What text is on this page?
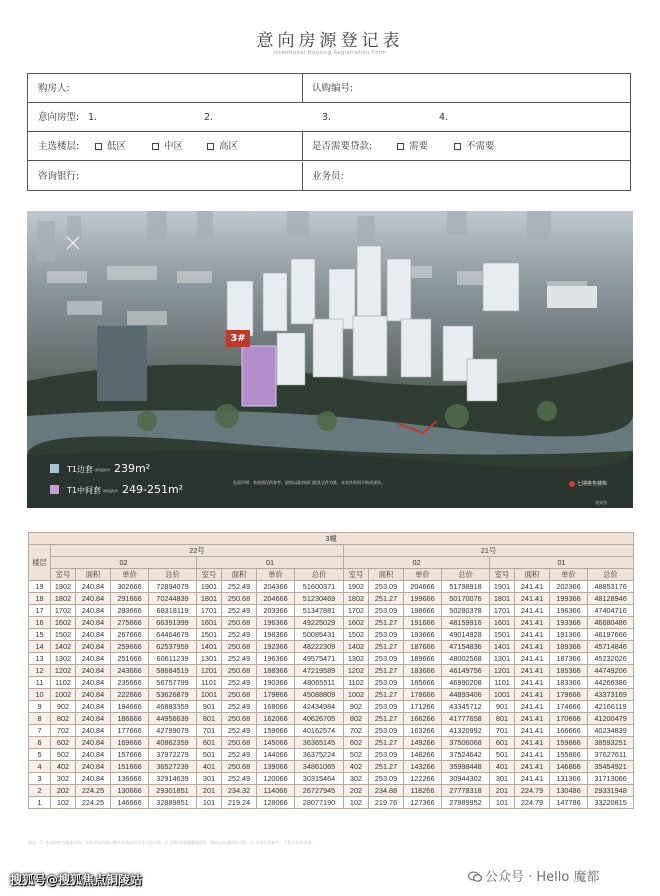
意向房源登记表
Intentional Housing Registration Form
购房人:	认购编号:
意向房型: 1.	2.	3.	4.
主选楼层:	低区	中区	高区	是否需要贷款:	需要	不需要
咨询银行:	业务员:
3#
T1边套 建筑面积约 239m²
T1中间套 建筑面积约 249-251m²
免责声明：效果图仅供参考，最终以政府部门批准文件为准，本宣传资料不构成要约。	七期推售楼栋
效果图
3幢																
楼层	22号								21号							
	02				01				02				01			
	室号	面积	单价	总价	室号	面积	单价	总价	室号	面积	单价	总价	室号	面积	单价	总价
19	1902	240.84	302666	72894079	1901	252.49	204366	51600371	1902	253.09	204666	51798918	1901	241.41	202366	48853176
18	1802	240.84	291666	70244839	1801	250.68	204666	51230469	1802	251.27	199666	50170076	1801	241.41	199366	48128946
17	1702	240.84	283666	68318119	1701	252.49	203366	51347881	1702	253.09	198666	50280378	1701	241.41	196366	47404716
16	1602	240.84	275666	66391399	1601	250.68	196366	49225029	1602	251.27	191666	48159916	1601	241.41	193366	46680486
15	1502	240.84	267666	64464679	1501	252.49	198366	50085431	1502	253.09	193666	49014928	1501	241.41	191366	46197666
14	1402	240.84	259666	62537959	1401	250.68	192366	48222309	1402	251.27	187666	47154836	1401	241.41	189366	45714846
13	1302	240.84	251666	60611239	1301	252.49	196366	49575471	1302	253.09	189666	48002568	1301	241.41	187366	45232026
12	1202	240.84	243666	58684519	1201	250.68	188366	47219589	1202	251.27	183666	46149756	1201	241.41	185366	44749206
11	1102	240.84	235666	56757799	1101	252.49	190366	48065511	1102	253.09	185666	46990208	1101	241.41	183366	44266386
10	1002	240.84	222666	53626879	1001	250.68	179866	45088809	1002	251.27	178666	44893406	1001	241.41	179666	43373169
9	902	240.84	194666	46883359	901	252.49	168066	42434984	902	253.09	171266	43345712	901	241.41	174666	42166119
8	802	240.84	186666	44956639	801	250.68	162066	40626705	802	251.27	166266	41777658	801	241.41	170666	41200479
7	702	240.84	177666	42789079	701	252.49	159066	40162574	702	253.09	163266	41320992	701	241.41	166666	40234839
6	602	240.84	169666	40862359	601	250.68	145066	36365145	602	251.27	149266	37506068	601	241.41	159866	38593251
5	502	240.84	157666	37972279	501	252.49	144066	36375224	502	253.09	148266	37524642	501	241.41	155866	37627611
4	402	240.84	151666	36527239	401	250.68	139066	34861065	402	251.27	143266	35998448	401	241.41	146866	35454921
3	302	240.84	136666	32914639	301	252.49	120066	30315464	302	253.09	122266	30944302	301	241.41	131366	31713066
2	202	224.25	130666	29301851	201	234.32	114066	26727945	202	234.88	118266	27778318	201	224.79	130486	29331948
1	102	224.25	146666	32889851	101	219.24	128066	28077190	102	219.76	127366	27989952	101	224.79	147786	33220815
备注：1. 本表价格为备案价格，实际成交价格以签订的商品房买卖合同为准；2. 面积为预测建筑面积，最终以实测面积为准；3. 本表仅供参考，不作为任何承诺。
搜狐号@搜狐焦点铜陵站	公众号 · Hello 魔都
